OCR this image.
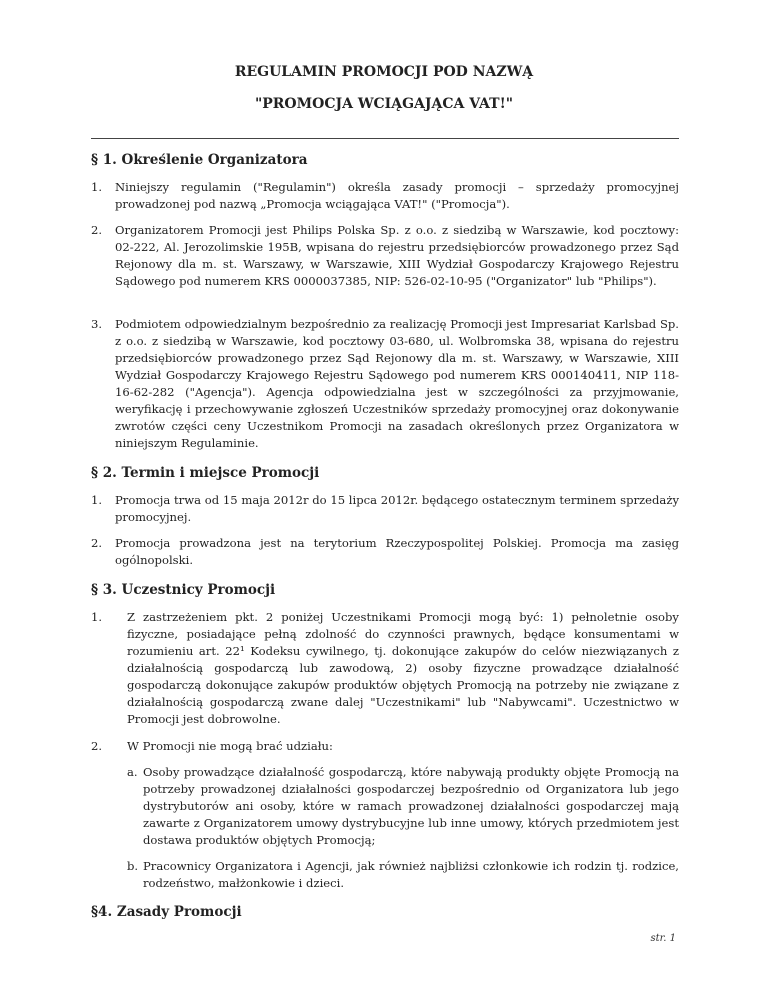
REGULAMIN PROMOCJI POD NAZWĄ
"PROMOCJA WCIĄGAJĄCA VAT!"
§ 1. Określenie Organizatora
1. Niniejszy regulamin ("Regulamin") określa zasady promocji – sprzedaży promocyjnej prowadzonej pod nazwą „Promocja wciągająca VAT!" ("Promocja").
2. Organizatorem Promocji jest Philips Polska Sp. z o.o. z siedzibą w Warszawie, kod pocztowy: 02-222, Al. Jerozolimskie 195B, wpisana do rejestru przedsiębiorców prowadzonego przez Sąd Rejonowy dla m. st. Warszawy, w Warszawie, XIII Wydział Gospodarczy Krajowego Rejestru Sądowego pod numerem KRS 0000037385, NIP: 526-02-10-95 ("Organizator" lub "Philips").
3. Podmiotem odpowiedzialnym bezpośrednio za realizację Promocji jest Impresariat Karlsbad Sp. z o.o. z siedzibą w Warszawie, kod pocztowy 03-680, ul. Wolbromska 38, wpisana do rejestru przedsiębiorców prowadzonego przez Sąd Rejonowy dla m. st. Warszawy, w Warszawie, XIII Wydział Gospodarczy Krajowego Rejestru Sądowego pod numerem KRS 000140411, NIP 118-16-62-282 ("Agencja"). Agencja odpowiedzialna jest w szczególności za przyjmowanie, weryfikację i przechowywanie zgłoszeń Uczestników sprzedaży promocyjnej oraz dokonywanie zwrotów części ceny Uczestnikom Promocji na zasadach określonych przez Organizatora w niniejszym Regulaminie.
§ 2. Termin i miejsce Promocji
1. Promocja trwa od 15 maja 2012r do 15 lipca 2012r. będącego ostatecznym terminem sprzedaży promocyjnej.
2. Promocja prowadzona jest na terytorium Rzeczypospolitej Polskiej. Promocja ma zasięg ogólnopolski.
§ 3. Uczestnicy Promocji
1. Z zastrzeżeniem pkt. 2 poniżej Uczestnikami Promocji mogą być: 1) pełnoletnie osoby fizyczne, posiadające pełną zdolność do czynności prawnych, będące konsumentami w rozumieniu art. 22¹ Kodeksu cywilnego, tj. dokonujące zakupów do celów niezwiązanych z działalnością gospodarczą lub zawodową, 2) osoby fizyczne prowadzące działalność gospodarczą dokonujące zakupów produktów objętych Promocją na potrzeby nie związane z działalnością gospodarczą zwane dalej "Uczestnikami" lub "Nabywcami". Uczestnictwo w Promocji jest dobrowolne.
2. W Promocji nie mogą brać udziału:
a. Osoby prowadzące działalność gospodarczą, które nabywają produkty objęte Promocją na potrzeby prowadzonej działalności gospodarczej bezpośrednio od Organizatora lub jego dystrybutorów ani osoby, które w ramach prowadzonej działalności gospodarczej mają zawarte z Organizatorem umowy dystrybucyjne lub inne umowy, których przedmiotem jest dostawa produktów objętych Promocją;
b. Pracownicy Organizatora i Agencji, jak również najbliżsi członkowie ich rodzin tj. rodzice, rodzeństwo, małżonkowie i dzieci.
§4. Zasady Promocji
str. 1
